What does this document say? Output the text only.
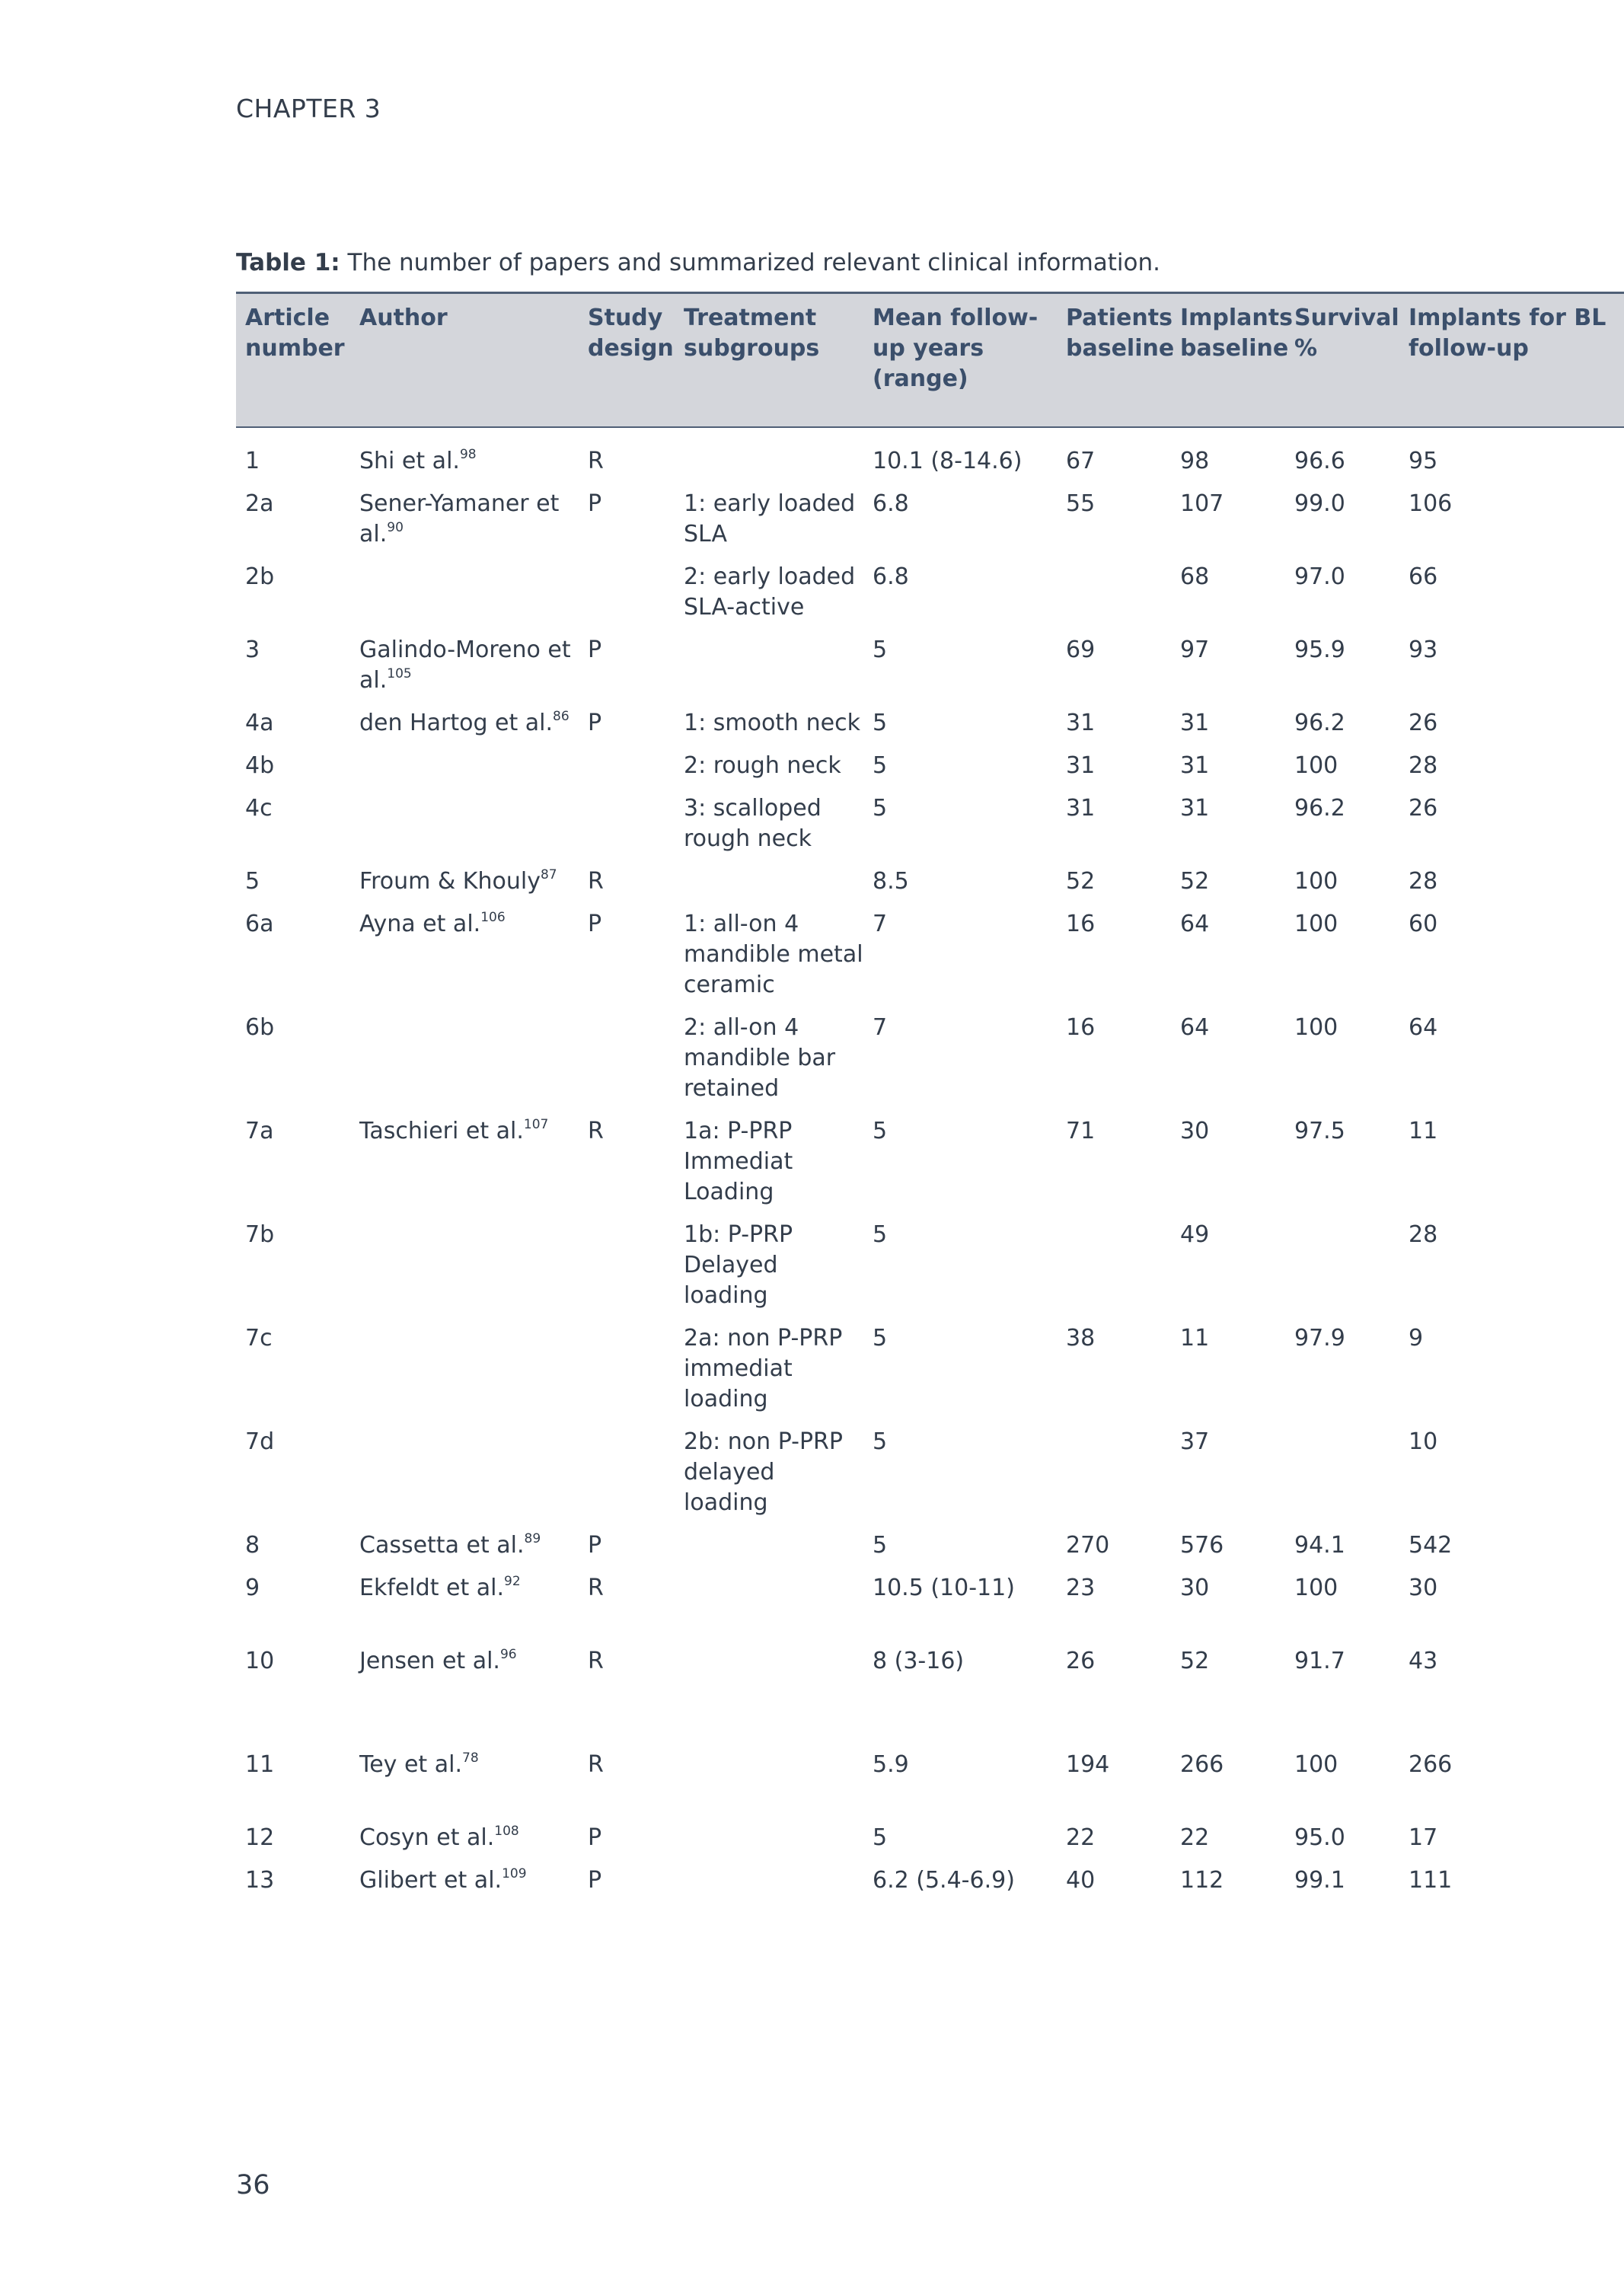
CHAPTER 3
Table 1: The number of papers and summarized relevant clinical information.
Article number	Author	Study design	Treatment subgroups	Mean follow-up years (range)	Patients baseline	Implants baseline	Survival %	Implants for BL follow-up
1	Shi et al.$^{98}$	R		10.1 (8-14.6)	67	98	96.6	95
2a	Sener-Yamaner et al.$^{90}$	P	1: early loaded SLA	6.8	55	107	99.0	106
2b			2: early loaded SLA-active	6.8		68	97.0	66
3	Galindo-Moreno et al.$^{105}$	P		5	69	97	95.9	93
4a	den Hartog et al.$^{86}$	P	1: smooth neck	5	31	31	96.2	26
4b			2: rough neck	5	31	31	100	28
4c			3: scalloped rough neck	5	31	31	96.2	26
5	Froum & Khouly$^{87}$	R		8.5	52	52	100	28
6a	Ayna et al.$^{106}$	P	1: all-on 4 mandible metal ceramic	7	16	64	100	60
6b			2: all-on 4 mandible bar retained	7	16	64	100	64
7a	Taschieri et al.$^{107}$	R	1a: P-PRP Immediat Loading	5	71	30	97.5	11
7b			1b: P-PRP Delayed loading	5		49		28
7c			2a: non P-PRP immediat loading	5	38	11	97.9	9
7d			2b: non P-PRP delayed loading	5		37		10
8	Cassetta et al.$^{89}$	P		5	270	576	94.1	542
9	Ekfeldt et al.$^{92}$	R		10.5 (10-11)	23	30	100	30
10	Jensen et al.$^{96}$	R		8 (3-16)	26	52	91.7	43
11	Tey et al.$^{78}$	R		5.9	194	266	100	266
12	Cosyn et al.$^{108}$	P		5	22	22	95.0	17
13	Glibert et al.$^{109}$	P		6.2 (5.4-6.9)	40	112	99.1	111
36
